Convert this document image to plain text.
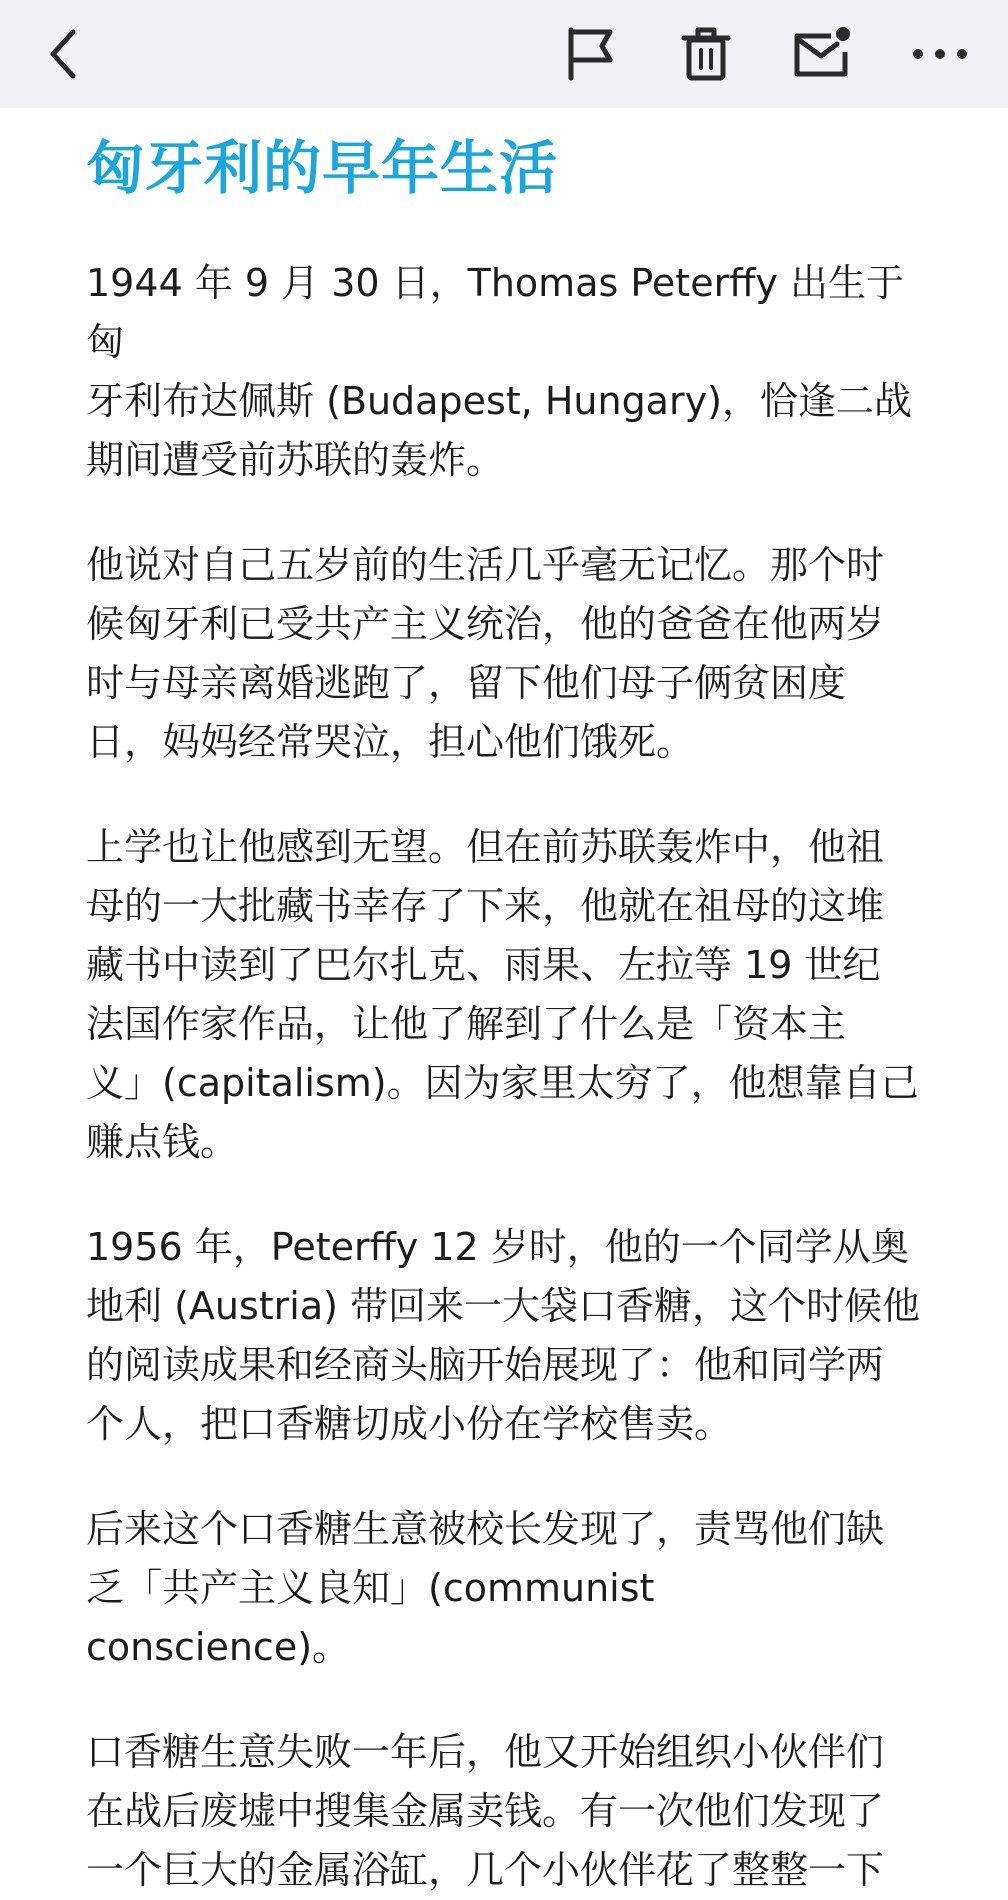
匈牙利的早年生活

1944 年 9 月 30 日，Thomas Peterffy 出生于匈
牙利布达佩斯 (Budapest, Hungary)，恰逢二战
期间遭受前苏联的轰炸。

他说对自己五岁前的生活几乎毫无记忆。那个时
候匈牙利已受共产主义统治，他的爸爸在他两岁
时与母亲离婚逃跑了，留下他们母子俩贫困度
日，妈妈经常哭泣，担心他们饿死。

上学也让他感到无望。但在前苏联轰炸中，他祖
母的一大批藏书幸存了下来，他就在祖母的这堆
藏书中读到了巴尔扎克、雨果、左拉等 19 世纪
法国作家作品，让他了解到了什么是「资本主
义」(capitalism)。因为家里太穷了，他想靠自己
赚点钱。

1956 年，Peterffy 12 岁时，他的一个同学从奥
地利 (Austria) 带回来一大袋口香糖，这个时候他
的阅读成果和经商头脑开始展现了：他和同学两
个人，把口香糖切成小份在学校售卖。

后来这个口香糖生意被校长发现了，责骂他们缺
乏「共产主义良知」(communist conscience)。

口香糖生意失败一年后，他又开始组织小伙伴们
在战后废墟中搜集金属卖钱。有一次他们发现了
一个巨大的金属浴缸，几个小伙伴花了整整一下
